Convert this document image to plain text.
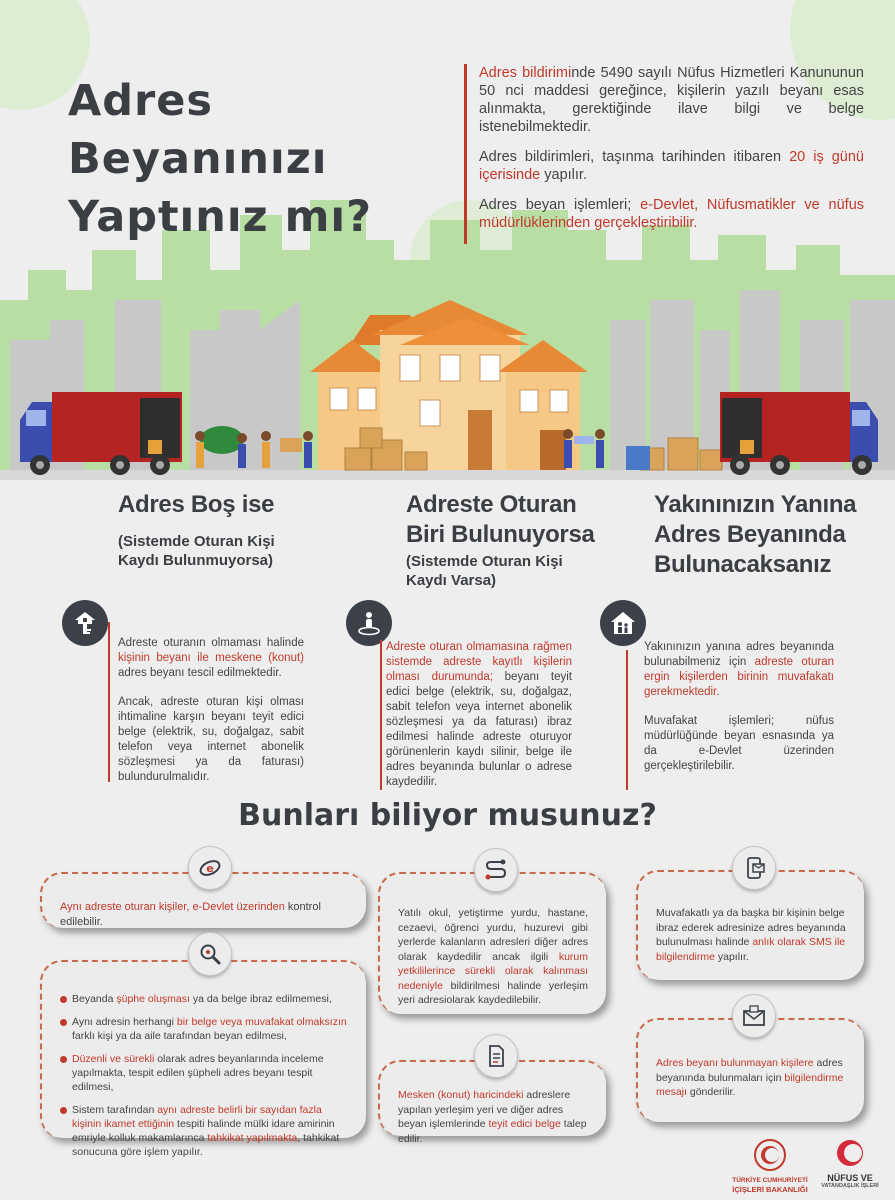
Adres Beyanınızı
Yaptınız mı?

Adres bildiriminde 5490 sayılı Nüfus Hizmetleri Kanununun 50 nci maddesi gereğince, kişilerin yazılı beyanı esas alınmakta, gerektiğinde ilave bilgi ve belge istenebilmektedir.

Adres bildirimleri, taşınma tarihinden itibaren 20 iş günü içerisinde yapılır.

Adres beyan işlemleri; e-Devlet, Nüfusmatikler ve nüfus müdürlüklerinden gerçekleştiribilir.

Adres Boş ise
(Sistemde Oturan Kişi Kaydı Bulunmuyorsa)

Adreste oturanın olmaması halinde kişinin beyanı ile meskene (konut) adres beyanı tescil edilmektedir.

Ancak, adreste oturan kişi olması ihtimaline karşın beyanı teyit edici belge (elektrik, su, doğalgaz, sabit telefon veya internet abonelik sözleşmesi ya da faturası) bulundurulmalıdır.

Adreste Oturan Biri Bulunuyorsa
(Sistemde Oturan Kişi Kaydı Varsa)

Adreste oturan olmamasına rağmen sistemde adreste kayıtlı kişilerin olması durumunda; beyanı teyit edici belge (elektrik, su, doğalgaz, sabit telefon veya internet abonelik sözleşmesi ya da faturası) ibraz edilmesi halinde adreste oturuyor görünenlerin kaydı silinir, belge ile adres beyanında bulunlar o adrese kaydedilir.

Yakınınızın Yanına Adres Beyanında Bulunacaksanız

Yakınınızın yanına adres beyanında bulunabilmeniz için adreste oturan ergin kişilerden birinin muvafakatı gerekmektedir.

Muvafakat işlemleri; nüfus müdürlüğünde beyan esnasında ya da e-Devlet üzerinden gerçekleştirilebilir.

Bunları biliyor musunuz?
Aynı adreste oturan kişiler, e-Devlet üzerinden kontrol edilebilir.
e
Beyanda şüphe oluşması ya da belge ibraz edilmemesi,
Aynı adresin herhangi bir belge veya muvafakat olmaksızın farklı kişi ya da aile tarafından beyan edilmesi,
Düzenli ve sürekli olarak adres beyanlarında inceleme yapılmakta, tespit edilen şüpheli adres beyanı tespit edilmesi,
Sistem tarafından aynı adreste belirli bir sayıdan fazla kişinin ikamet ettiğinin tespiti halinde mülki idare amirinin emriyle kolluk makamlarınca tahkikat yapılmakta, tahkikat sonucuna göre işlem yapılır.
Yatılı okul, yetiştirme yurdu, hastane, cezaevi, öğrenci yurdu, huzurevi gibi yerlerde kalanların adresleri diğer adres olarak kaydedilir ancak ilgili kurum yetkililerince sürekli olarak kalınması nedeniyle bildirilmesi halinde yerleşim yeri adresiolarak kaydedilebilir.
Mesken (konut) haricindeki adreslere yapılan yerleşim yeri ve diğer adres beyan işlemlerinde teyit edici belge talep edilir.
Muvafakatlı ya da başka bir kişinin belge ibraz ederek adresinize adres beyanında bulunulması halinde anlık olarak SMS ile bilgilendirme yapılır.
Adres beyanı bulunmayan kişilere adres beyanında bulunmaları için bilgilendirme mesajı gönderilir.
TÜRKİYE CUMHURİYETİ
İÇİŞLERİ BAKANLIĞI
NÜFUS VE
VATANDAŞLIK İŞLERİ
